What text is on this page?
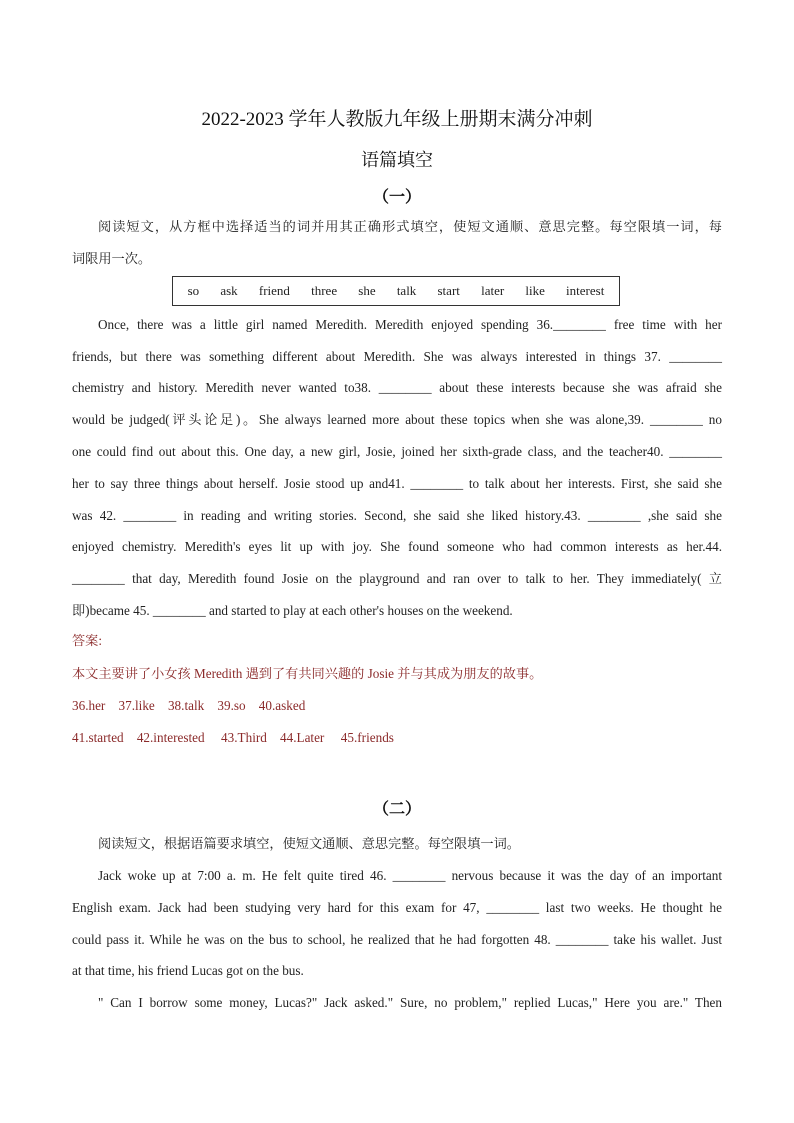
2022-2023 学年人教版九年级上册期末满分冲刺
语篇填空
（一）
阅读短文，从方框中选择适当的词并用其正确形式填空，使短文通顺、意思完整。每空限填一词，每
词限用一次。
so ask friend three she talk start later like interest
Once, there was a little girl named Meredith. Meredith enjoyed spending 36.________ free time with her
friends, but there was something different about Meredith. She was always interested in things 37. ________
chemistry and history. Meredith never wanted to38. ________ about these interests because she was afraid she
would be judged(评头论足)。She always learned more about these topics when she was alone,39. ________ no
one could find out about this. One day, a new girl, Josie, joined her sixth-grade class, and the teacher40. ________
her to say three things about herself. Josie stood up and41. ________ to talk about her interests. First, she said she
was 42. ________ in reading and writing stories. Second, she said she liked history.43. ________ ,she said she
enjoyed chemistry. Meredith's eyes lit up with joy. She found someone who had common interests as her.44.
________ that day, Meredith found Josie on the playground and ran over to talk to her. They immediately( 立
即)became 45. ________ and started to play at each other's houses on the weekend.
答案:
本文主要讲了小女孩 Meredith 遇到了有共同兴趣的 Josie 并与其成为朋友的故事。
36.her    37.like    38.talk    39.so    40.asked
41.started    42.interested     43.Third    44.Later     45.friends
（二）
阅读短文，根据语篇要求填空，使短文通顺、意思完整。每空限填一词。
Jack woke up at 7:00 a. m. He felt quite tired 46. ________ nervous because it was the day of an important
English exam. Jack had been studying very hard for this exam for 47, ________ last two weeks. He thought he
could pass it. While he was on the bus to school, he realized that he had forgotten 48. ________ take his wallet. Just
at that time, his friend Lucas got on the bus.
" Can I borrow some money, Lucas?" Jack asked." Sure, no problem," replied Lucas," Here you are." Then
